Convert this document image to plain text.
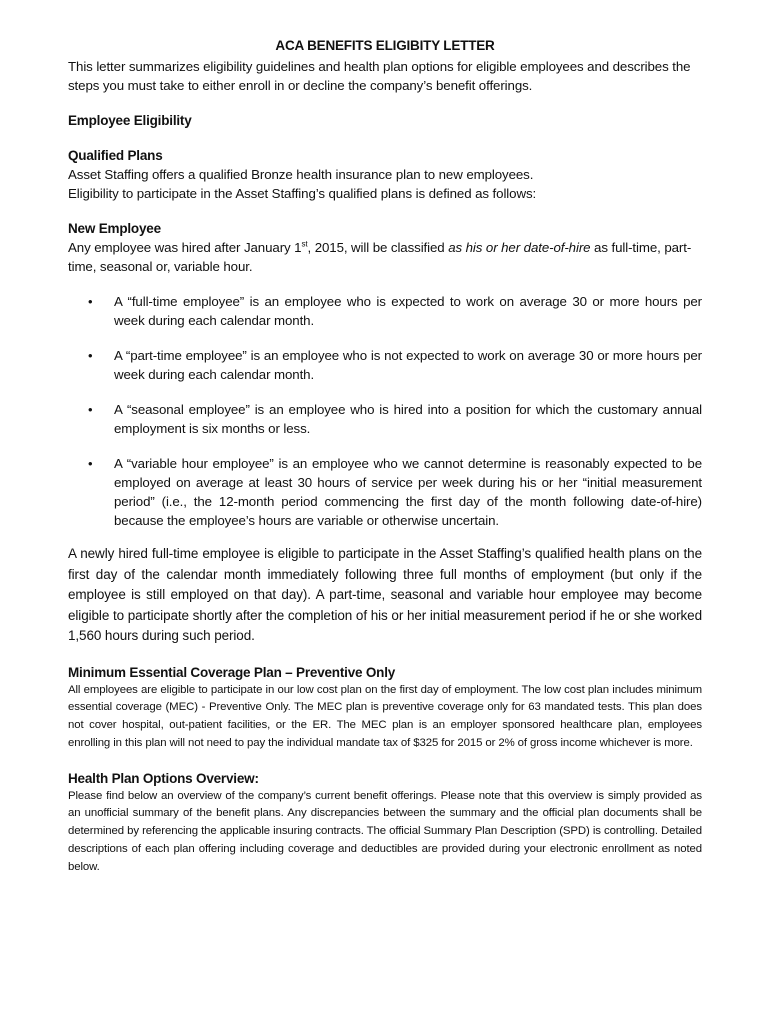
ACA BENEFITS ELIGIBITY LETTER

This letter summarizes eligibility guidelines and health plan options for eligible employees and describes the steps you must take to either enroll in or decline the company’s benefit offerings.

Employee Eligibility

Qualified Plans

Asset Staffing offers a qualified Bronze health insurance plan to new employees.

Eligibility to participate in the Asset Staffing’s qualified plans is defined as follows:

New Employee

Any employee was hired after January 1st, 2015, will be classified as his or her date-of-hire as full-time, part-time, seasonal or, variable hour.

• A “full-time employee” is an employee who is expected to work on average 30 or more hours per week during each calendar month.
• A “part-time employee” is an employee who is not expected to work on average 30 or more hours per week during each calendar month.
• A “seasonal employee” is an employee who is hired into a position for which the customary annual employment is six months or less.
• A “variable hour employee” is an employee who we cannot determine is reasonably expected to be employed on average at least 30 hours of service per week during his or her “initial measurement period” (i.e., the 12-month period commencing the first day of the month following date-of-hire) because the employee’s hours are variable or otherwise uncertain.

A newly hired full-time employee is eligible to participate in the Asset Staffing’s qualified health plans on the first day of the calendar month immediately following three full months of employment (but only if the employee is still employed on that day). A part-time, seasonal and variable hour employee may become eligible to participate shortly after the completion of his or her initial measurement period if he or she worked 1,560 hours during such period.

Minimum Essential Coverage Plan – Preventive Only

All employees are eligible to participate in our low cost plan on the first day of employment. The low cost plan includes minimum essential coverage (MEC) - Preventive Only. The MEC plan is preventive coverage only for 63 mandated tests. This plan does not cover hospital, out-patient facilities, or the ER. The MEC plan is an employer sponsored healthcare plan, employees enrolling in this plan will not need to pay the individual mandate tax of $325 for 2015 or 2% of gross income whichever is more.

Health Plan Options Overview:

Please find below an overview of the company’s current benefit offerings. Please note that this overview is simply provided as an unofficial summary of the benefit plans. Any discrepancies between the summary and the official plan documents shall be determined by referencing the applicable insuring contracts. The official Summary Plan Description (SPD) is controlling. Detailed descriptions of each plan offering including coverage and deductibles are provided during your electronic enrollment as noted below.
